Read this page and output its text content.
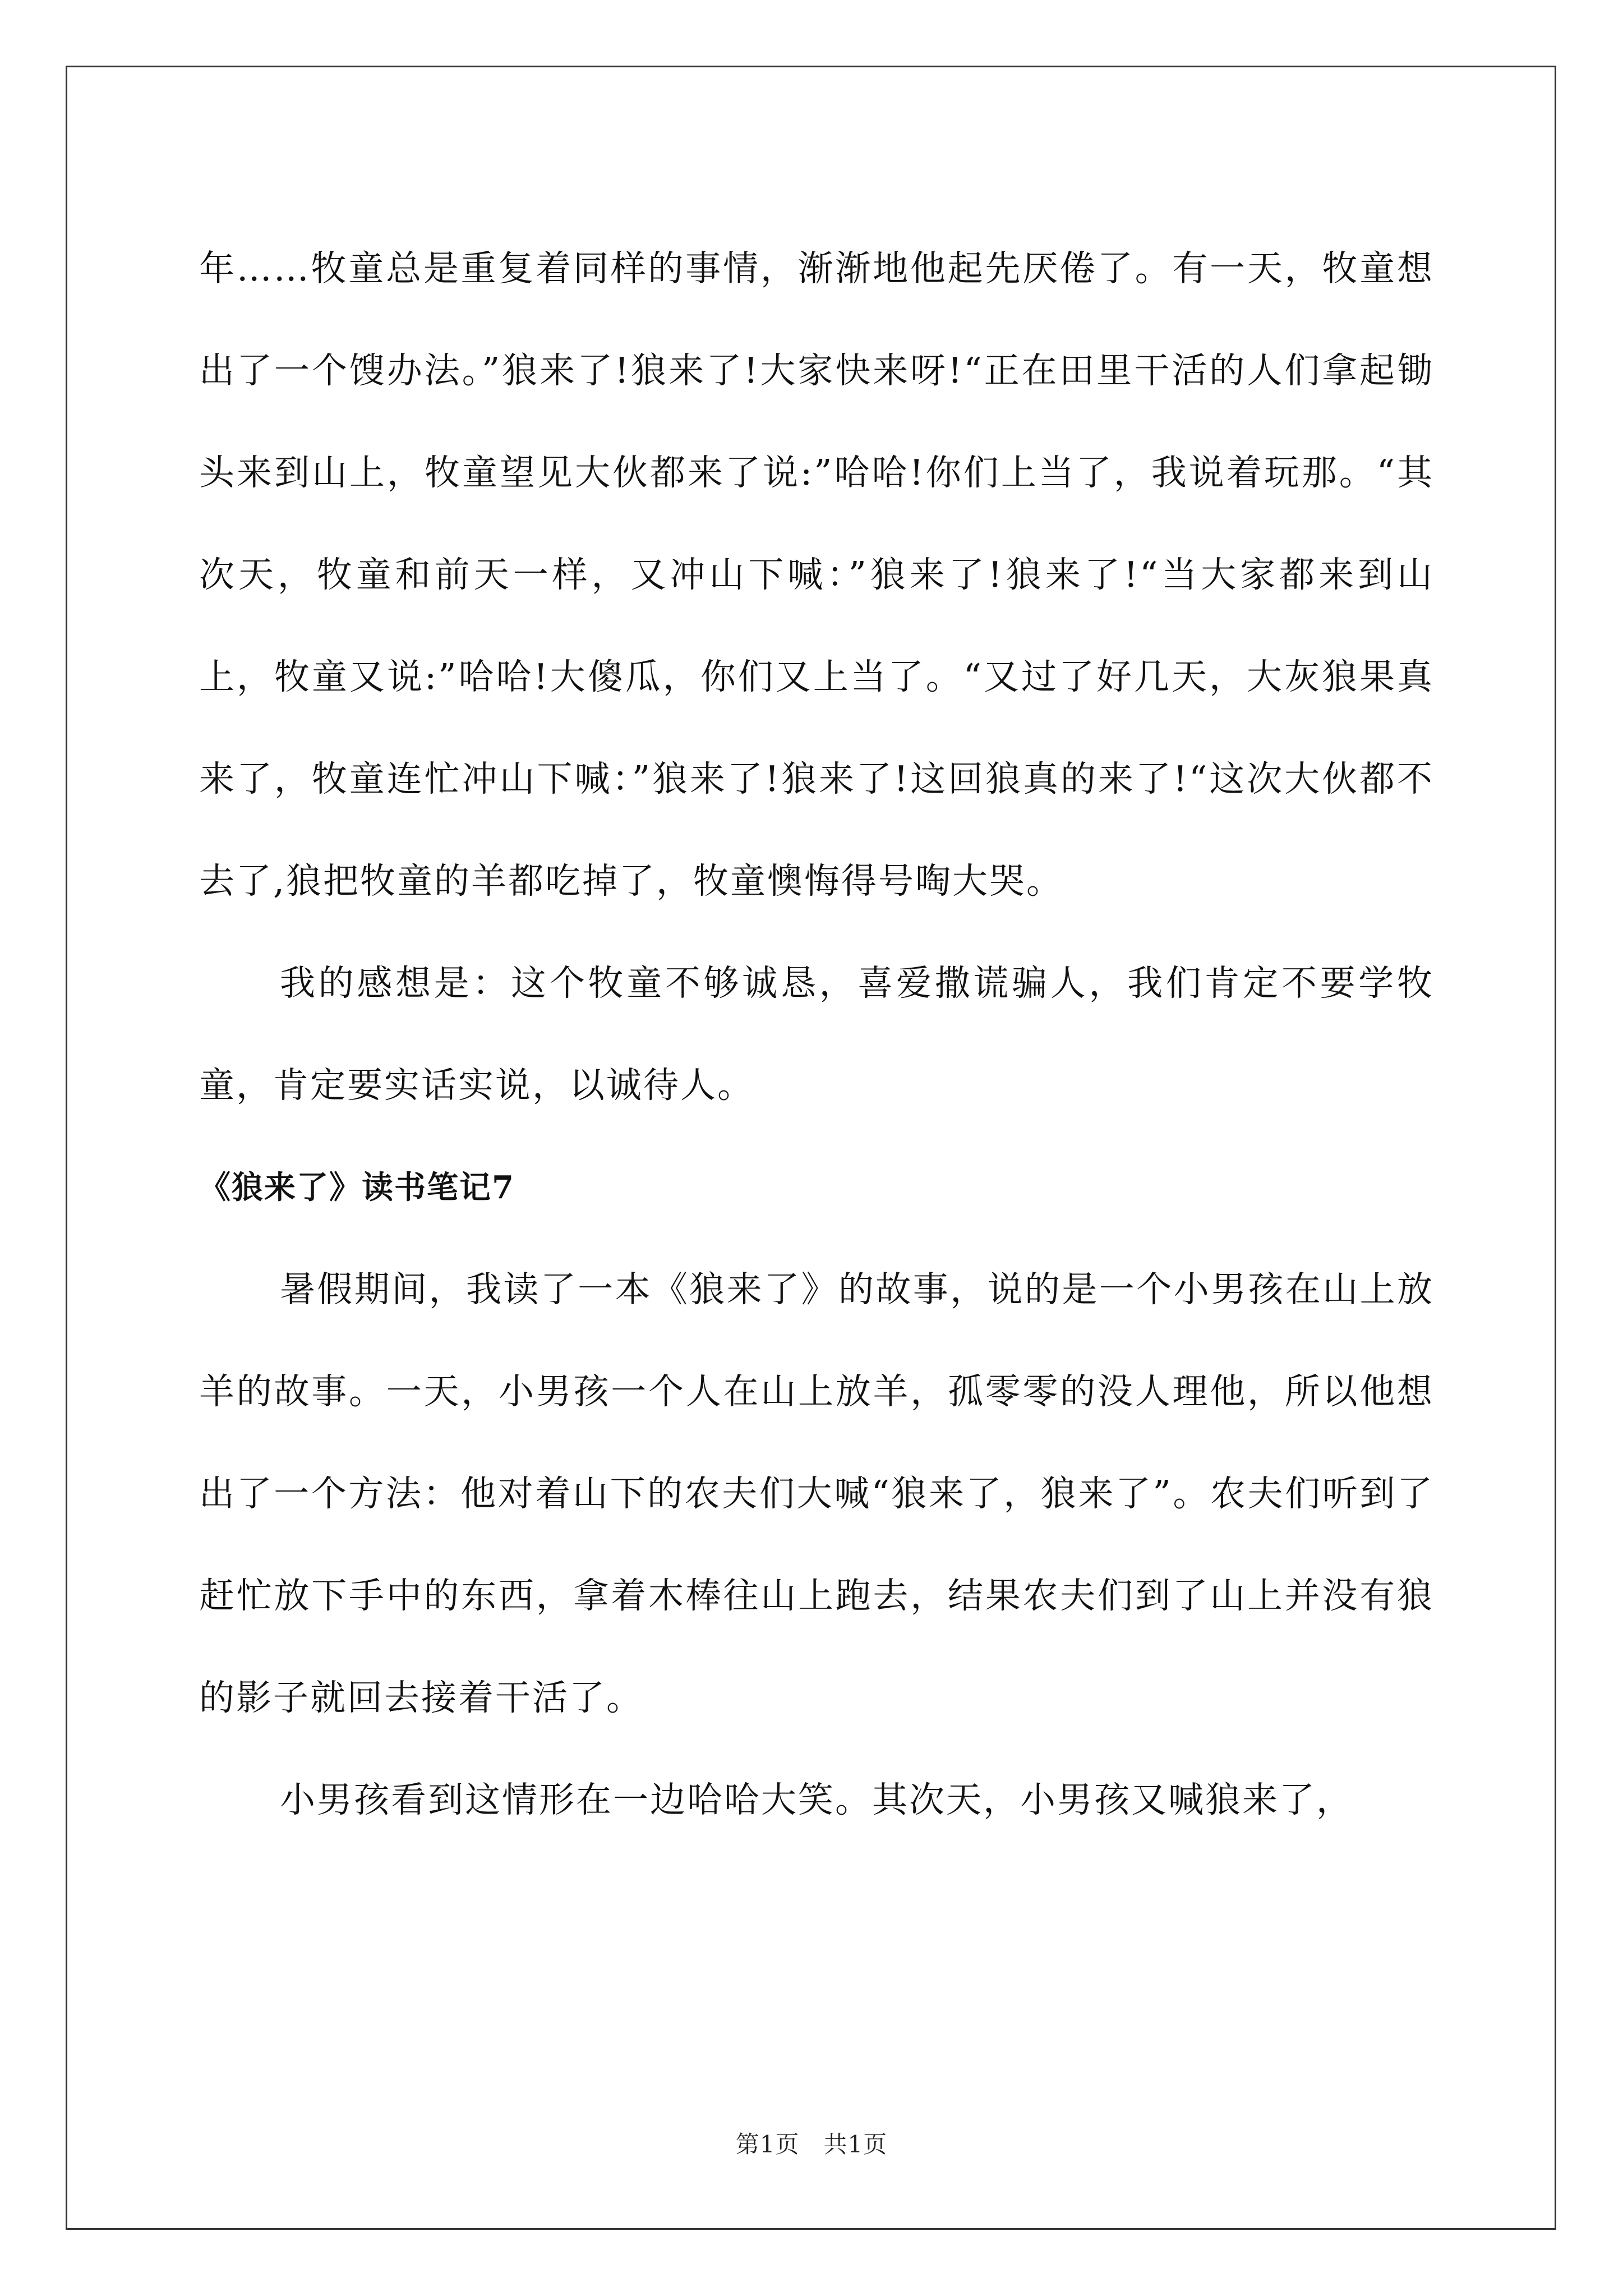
年……牧童总是重复着同样的事情，渐渐地他起先厌倦了。有一天，牧童想出了一个馊办法。”狼来了!狼来了!大家快来呀!“正在田里干活的人们拿起锄头来到山上，牧童望见大伙都来了说:”哈哈!你们上当了，我说着玩那。“其次天，牧童和前天一样，又冲山下喊：”狼来了!狼来了!“当大家都来到山上，牧童又说:”哈哈!大傻瓜，你们又上当了。“又过了好几天，大灰狼果真来了，牧童连忙冲山下喊：”狼来了!狼来了!这回狼真的来了!“这次大伙都不去了,狼把牧童的羊都吃掉了，牧童懊悔得号啕大哭。

我的感想是：这个牧童不够诚恳，喜爱撒谎骗人，我们肯定不要学牧童，肯定要实话实说，以诚待人。

《狼来了》读书笔记7

暑假期间，我读了一本《狼来了》的故事，说的是一个小男孩在山上放羊的故事。一天，小男孩一个人在山上放羊，孤零零的没人理他，所以他想出了一个方法：他对着山下的农夫们大喊“狼来了，狼来了”。农夫们听到了赶忙放下手中的东西，拿着木棒往山上跑去，结果农夫们到了山上并没有狼的影子就回去接着干活了。

小男孩看到这情形在一边哈哈大笑。其次天，小男孩又喊狼来了，

第1页　共1页
